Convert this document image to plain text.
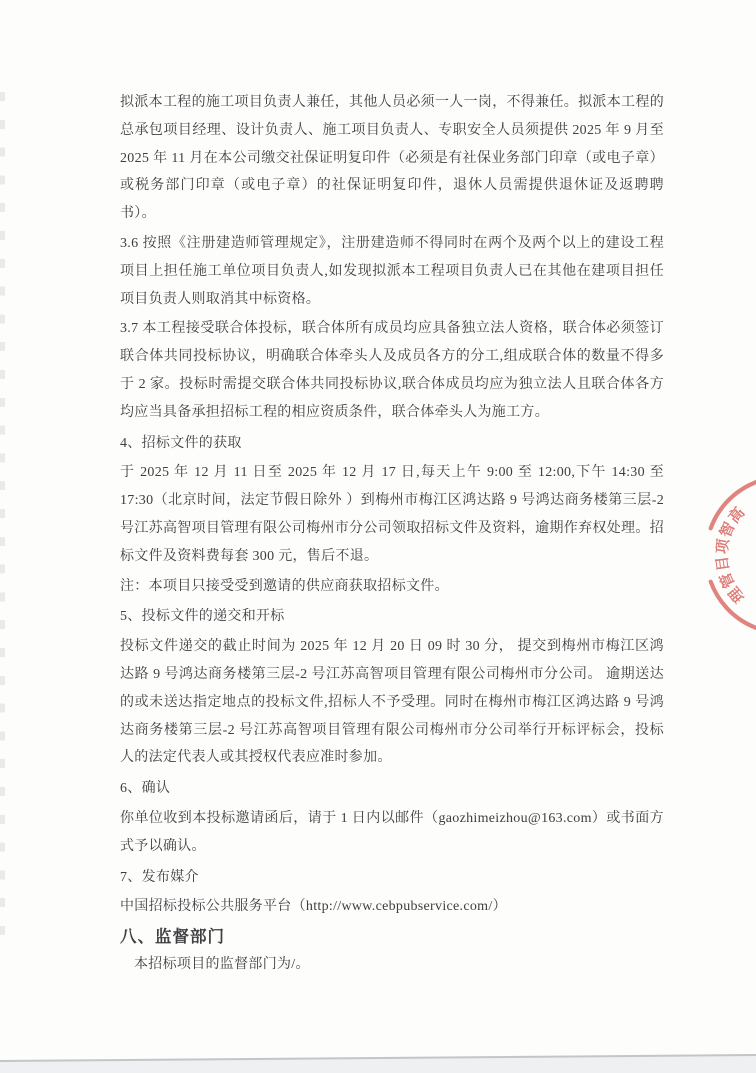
拟派本工程的施工项目负责人兼任，其他人员必须一人一岗，不得兼任。拟派本工程的总承包项目经理、设计负责人、施工项目负责人、专职安全人员须提供 2025 年 9 月至 2025 年 11 月在本公司缴交社保证明复印件（必须是有社保业务部门印章（或电子章）或税务部门印章（或电子章）的社保证明复印件，退休人员需提供退休证及返聘聘书）。
3.6 按照《注册建造师管理规定》，注册建造师不得同时在两个及两个以上的建设工程项目上担任施工单位项目负责人,如发现拟派本工程项目负责人已在其他在建项目担任项目负责人则取消其中标资格。
3.7 本工程接受联合体投标，联合体所有成员均应具备独立法人资格，联合体必须签订联合体共同投标协议，明确联合体牵头人及成员各方的分工,组成联合体的数量不得多于 2 家。投标时需提交联合体共同投标协议,联合体成员均应为独立法人且联合体各方均应当具备承担招标工程的相应资质条件，联合体牵头人为施工方。
4、招标文件的获取
于 2025 年 12 月 11 日至 2025 年 12 月 17 日,每天上午 9:00 至 12:00,下午 14:30 至 17:30（北京时间，法定节假日除外 ）到梅州市梅江区鸿达路 9 号鸿达商务楼第三层-2 号江苏高智项目管理有限公司梅州市分公司领取招标文件及资料，逾期作弃权处理。招标文件及资料费每套 300 元，售后不退。
注：本项目只接受受到邀请的供应商获取招标文件。
5、投标文件的递交和开标
投标文件递交的截止时间为 2025 年 12 月 20 日 09 时 30 分， 提交到梅州市梅江区鸿达路 9 号鸿达商务楼第三层-2 号江苏高智项目管理有限公司梅州市分公司。 逾期送达的或未送达指定地点的投标文件,招标人不予受理。同时在梅州市梅江区鸿达路 9 号鸿达商务楼第三层-2 号江苏高智项目管理有限公司梅州市分公司举行开标评标会，投标人的法定代表人或其授权代表应准时参加。
6、确认
你单位收到本投标邀请函后，请于 1 日内以邮件（gaozhimeizhou@163.com）或书面方式予以确认。
7、发布媒介
中国招标投标公共服务平台（http://www.cebpubservice.com/）
八、监督部门
本招标项目的监督部门为/。
高
智
项
目
管
理
